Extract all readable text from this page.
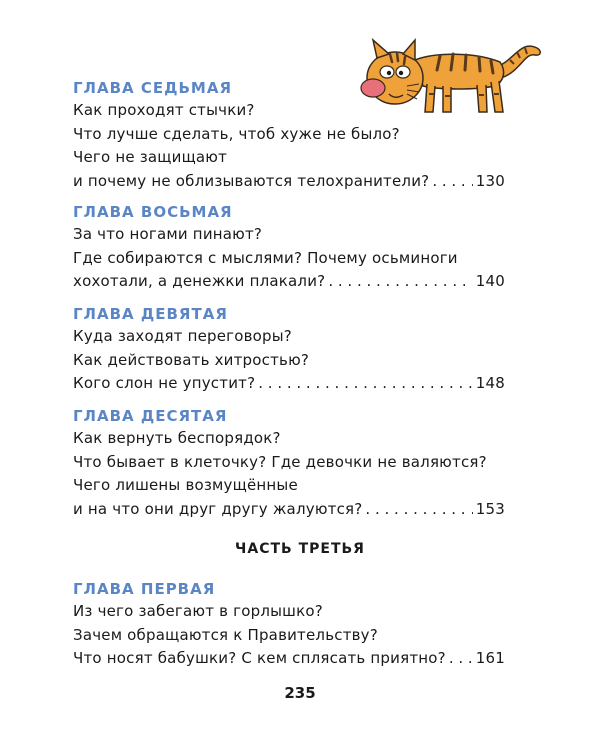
ГЛАВА СЕДЬМАЯ
Как проходят стычки?
Что лучше сделать, чтоб хуже не было?
Чего не защищают
и почему не облизываются телохранители? . . .	130
ГЛАВА ВОСЬМАЯ
За что ногами пинают?
Где собираются с мыслями? Почему осьминоги
хохотали, а денежки плакали? . . .	140
ГЛАВА ДЕВЯТАЯ
Куда заходят переговоры?
Как действовать хитростью?
Кого слон не упустит? . . .	148
ГЛАВА ДЕСЯТАЯ
Как вернуть беспорядок?
Что бывает в клеточку? Где девочки не валяются?
Чего лишены возмущённые
и на что они друг другу жалуются? . . .	153
ЧАСТЬ ТРЕТЬЯ
ГЛАВА ПЕРВАЯ
Из чего забегают в горлышко?
Зачем обращаются к Правительству?
Что носят бабушки? С кем сплясать приятно? . . . 161
235
